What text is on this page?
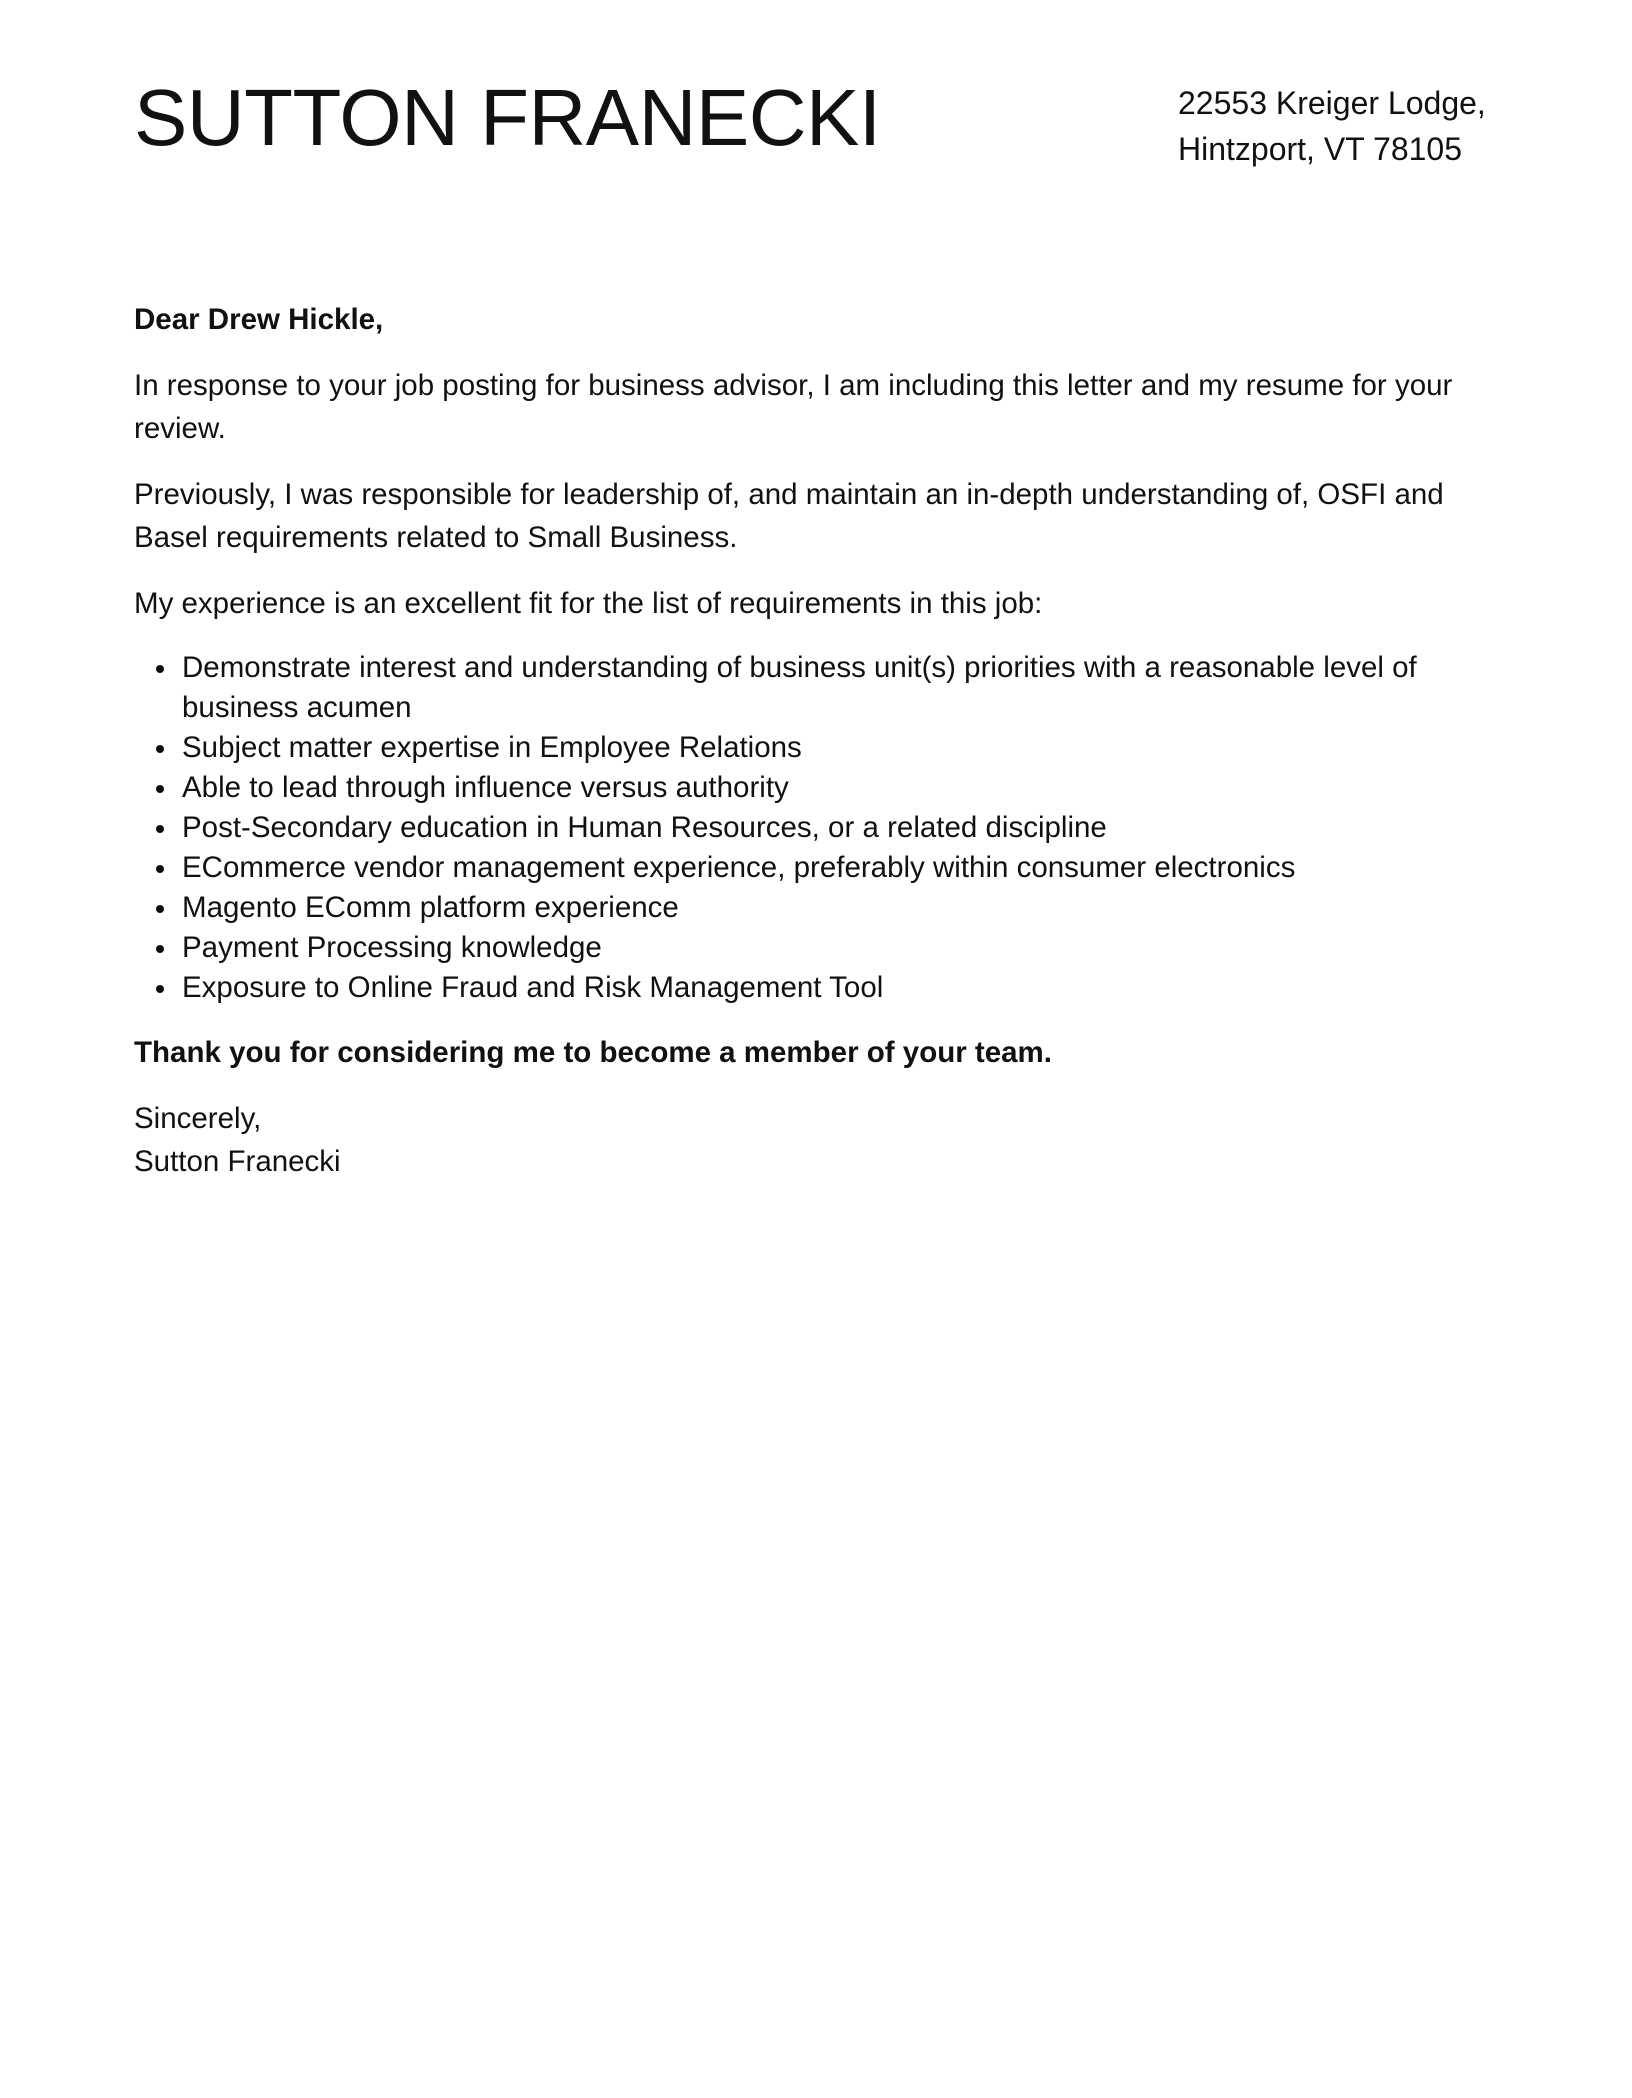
SUTTON FRANECKI	22553 Kreiger Lodge,
Hintzport, VT 78105

Dear Drew Hickle,

In response to your job posting for business advisor, I am including this letter and my resume for your review.

Previously, I was responsible for leadership of, and maintain an in-depth understanding of, OSFI and Basel requirements related to Small Business.

My experience is an excellent fit for the list of requirements in this job:

Demonstrate interest and understanding of business unit(s) priorities with a reasonable level of business acumen
Subject matter expertise in Employee Relations
Able to lead through influence versus authority
Post-Secondary education in Human Resources, or a related discipline
ECommerce vendor management experience, preferably within consumer electronics
Magento EComm platform experience
Payment Processing knowledge
Exposure to Online Fraud and Risk Management Tool

Thank you for considering me to become a member of your team.

Sincerely,
Sutton Franecki
